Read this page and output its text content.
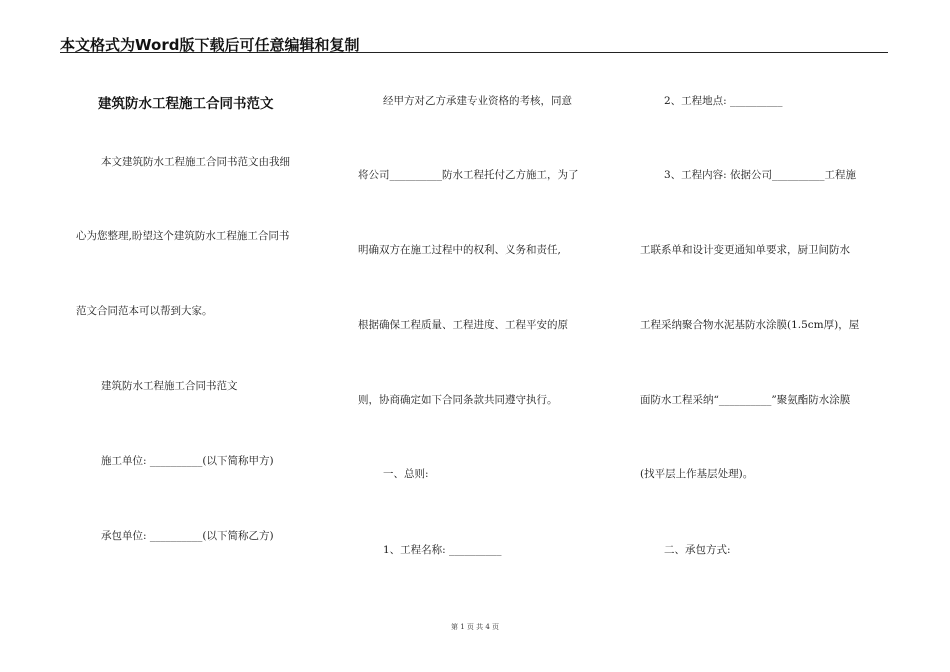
本文格式为Word版下载后可任意编辑和复制
建筑防水工程施工合同书范文
本文建筑防水工程施工合同书范文由我细
心为您整理,盼望这个建筑防水工程施工合同书
范文合同范本可以帮到大家。
建筑防水工程施工合同书范文
施工单位: __________(以下简称甲方)
承包单位: __________(以下简称乙方)
经甲方对乙方承建专业资格的考核，同意
将公司__________防水工程托付乙方施工，为了
明确双方在施工过程中的权利、义务和责任,
根据确保工程质量、工程进度、工程平安的原
则，协商确定如下合同条款共同遵守执行。
一、总则:
1、工程名称: __________
2、工程地点: __________
3、工程内容: 依据公司__________工程施
工联系单和设计变更通知单要求，厨卫间防水
工程采纳聚合物水泥基防水涂膜(1.5cm厚)，屋
面防水工程采纳“__________”聚氨酯防水涂膜
(找平层上作基层处理)。
二、承包方式:
第 1 页 共 4 页
